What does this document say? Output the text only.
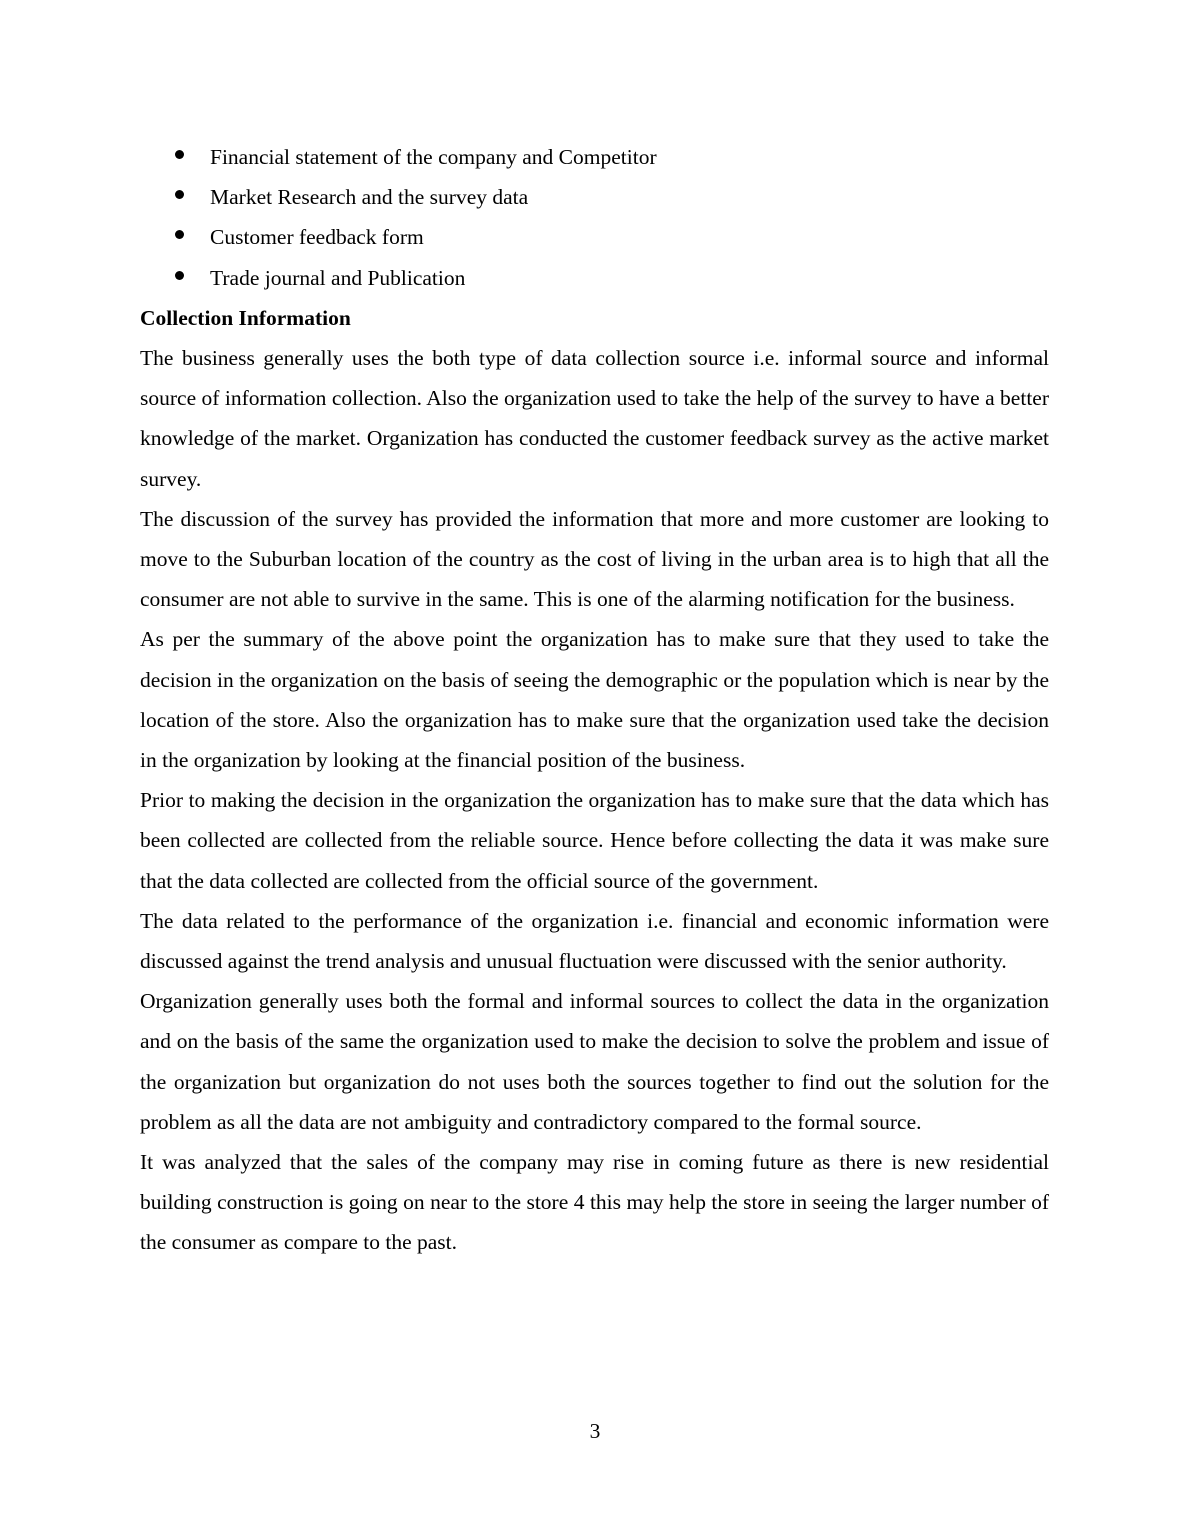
Financial statement of the company and Competitor
Market Research and the survey data
Customer feedback form
Trade journal and Publication
Collection Information

The business generally uses the both type of data collection source i.e. informal source and informal source of information collection. Also the organization used to take the help of the survey to have a better knowledge of the market. Organization has conducted the customer feedback survey as the active market survey.

The discussion of the survey has provided the information that more and more customer are looking to move to the Suburban location of the country as the cost of living in the urban area is to high that all the consumer are not able to survive in the same. This is one of the alarming notification for the business.

As per the summary of the above point the organization has to make sure that they used to take the decision in the organization on the basis of seeing the demographic or the population which is near by the location of the store. Also the organization has to make sure that the organization used take the decision in the organization by looking at the financial position of the business.

Prior to making the decision in the organization the organization has to make sure that the data which has been collected are collected from the reliable source. Hence before collecting the data it was make sure that the data collected are collected from the official source of the government.

The data related to the performance of the organization i.e. financial and economic information were discussed against the trend analysis and unusual fluctuation were discussed with the senior authority.

Organization generally uses both the formal and informal sources to collect the data in the organization and on the basis of the same the organization used to make the decision to solve the problem and issue of the organization but organization do not uses both the sources together to find out the solution for the problem as all the data are not ambiguity and contradictory compared to the formal source.

It was analyzed that the sales of the company may rise in coming future as there is new residential building construction is going on near to the store 4 this may help the store in seeing the larger number of the consumer as compare to the past.

3
